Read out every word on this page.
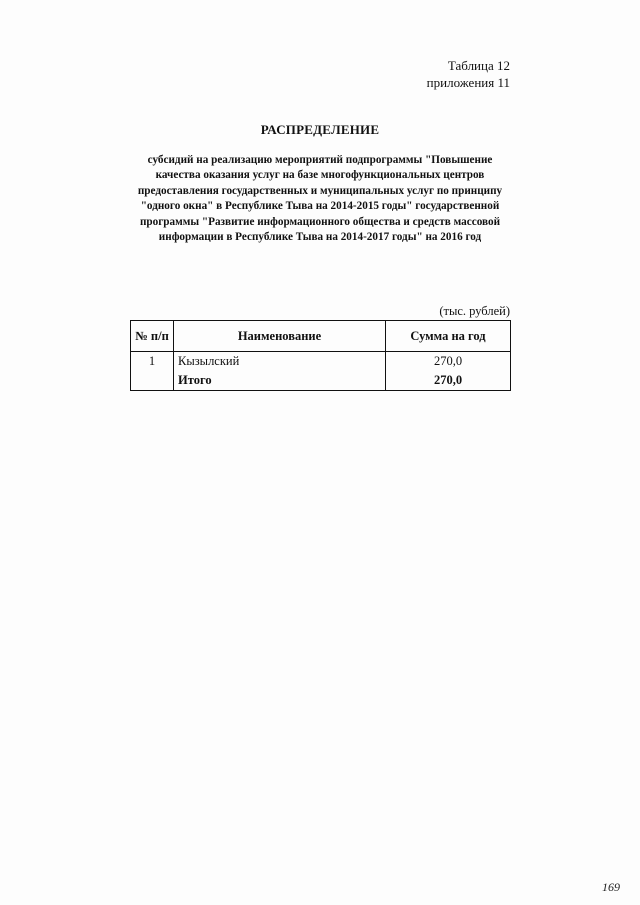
Таблица 12
приложения 11
РАСПРЕДЕЛЕНИЕ
субсидий на реализацию мероприятий подпрограммы "Повышение качества оказания услуг на базе многофункциональных центров предоставления государственных и муниципальных услуг по принципу "одного окна" в Республике Тыва на 2014-2015 годы" государственной программы "Развитие информационного общества и средств массовой информации в Республике Тыва на 2014-2017 годы" на 2016 год
(тыс. рублей)
№ п/п	Наименование	Сумма на год
1	Кызылский	270,0
	Итого	270,0
169
